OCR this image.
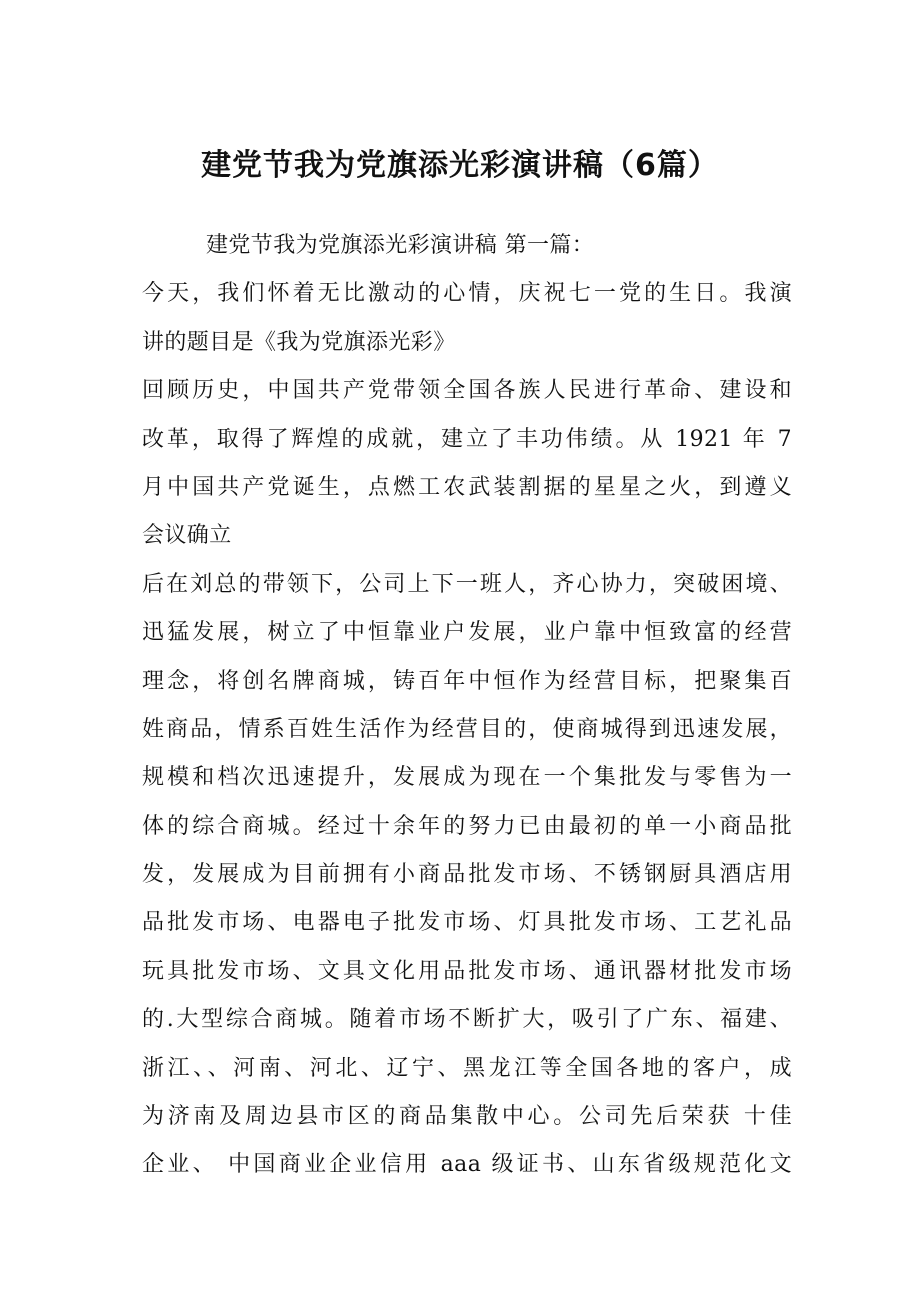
建党节我为党旗添光彩演讲稿（6篇）
建党节我为党旗添光彩演讲稿 第一篇：
今天，我们怀着无比激动的心情，庆祝七一党的生日。我演
讲的题目是《我为党旗添光彩》
回顾历史，中国共产党带领全国各族人民进行革命、建设和
改革，取得了辉煌的成就，建立了丰功伟绩。从 1921 年 7
月中国共产党诞生，点燃工农武装割据的星星之火，到遵义
会议确立
后在刘总的带领下，公司上下一班人，齐心协力，突破困境、
迅猛发展，树立了中恒靠业户发展，业户靠中恒致富的经营
理念，将创名牌商城，铸百年中恒作为经营目标，把聚集百
姓商品，情系百姓生活作为经营目的，使商城得到迅速发展，
规模和档次迅速提升，发展成为现在一个集批发与零售为一
体的综合商城。经过十余年的努力已由最初的单一小商品批
发，发展成为目前拥有小商品批发市场、不锈钢厨具酒店用
品批发市场、电器电子批发市场、灯具批发市场、工艺礼品
玩具批发市场、文具文化用品批发市场、通讯器材批发市场
的.大型综合商城。随着市场不断扩大，吸引了广东、福建、
浙江、、河南、河北、辽宁、黑龙江等全国各地的客户，成
为济南及周边县市区的商品集散中心。公司先后荣获 十佳
企业、 中国商业企业信用 aaa 级证书、山东省级规范化文
